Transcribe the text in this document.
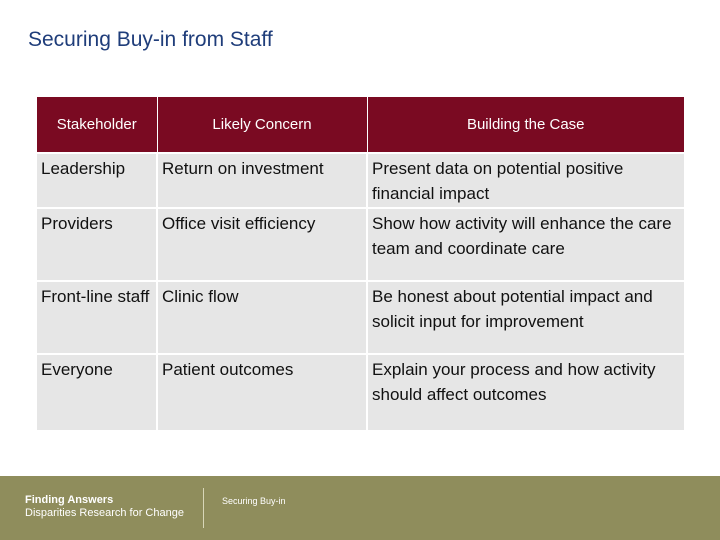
Securing Buy-in from Staff
Stakeholder	Likely Concern	Building the Case
Leadership	Return on investment	Present data on potential positive financial impact
Providers	Office visit efficiency	Show how activity will enhance the care team and coordinate care
Front-line staff	Clinic flow	Be honest about potential impact and solicit input for improvement
Everyone	Patient outcomes	Explain your process and how activity should affect outcomes
Finding Answers
Disparities Research for Change
Securing Buy-in
